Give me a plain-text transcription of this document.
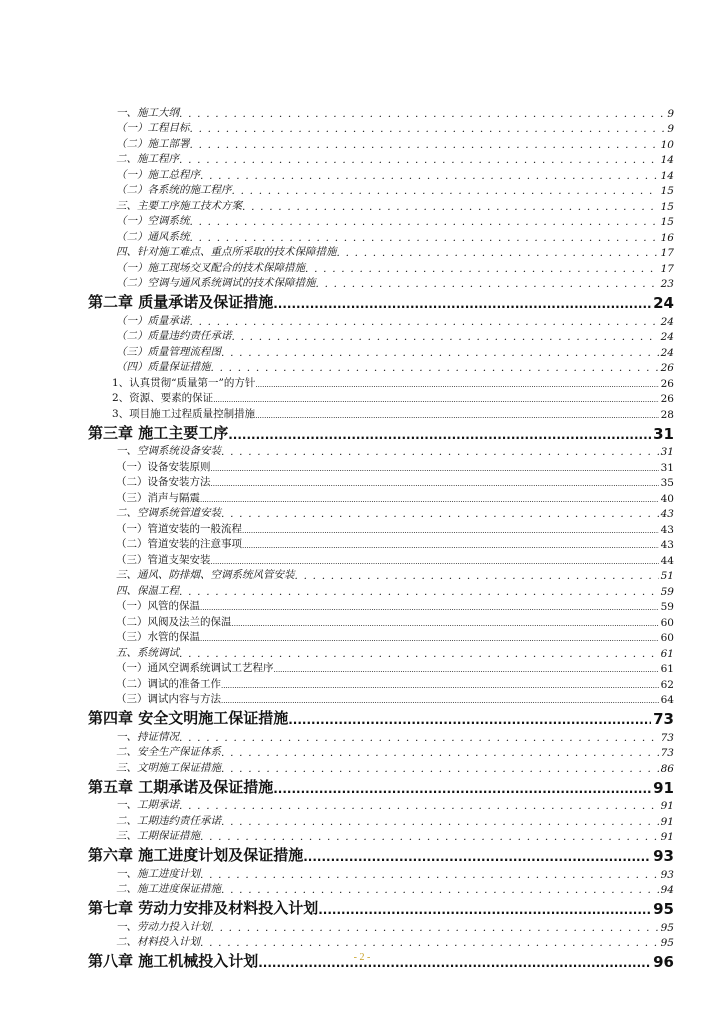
一、施工大纲 . . .	9
（一）工程目标 . . .	9
（二）施工部署 . . .	10
二、施工程序 . . .	14
（一）施工总程序 . . .	14
（二）各系统的施工程序 . . .	15
三、主要工序施工技术方案 . . .	15
（一）空调系统 . . .	15
（二）通风系统 . . .	16
四、针对施工难点、重点所采取的技术保障措施 . . .	17
（一）施工现场交叉配合的技术保障措施 . . .	17
（二）空调与通风系统调试的技术保障措施 . . .	23
第二章 质量承诺及保证措施 .....	24
（一）质量承诺 . . .	24
（二）质量违约责任承诺 . . .	24
（三）质量管理流程图 . . .	24
（四）质量保证措施 . . .	26
1、认真贯彻“质量第一”的方针 .....	26
2、资源、要素的保证 .....	26
3、项目施工过程质量控制措施 .....	28
第三章 施工主要工序 .....	31
一、空调系统设备安装 . . .	31
（一）设备安装原则 .....	31
（二）设备安装方法 .....	35
（三）消声与隔震 .....	40
二、空调系统管道安装 . . .	43
（一）管道安装的一般流程 .....	43
（二）管道安装的注意事项 .....	43
（三）管道支架安装 .....	44
三、通风、防排烟、空调系统风管安装 . . .	51
四、保温工程 . . .	59
（一）风管的保温 .....	59
（二）风阀及法兰的保温 .....	60
（三）水管的保温 .....	60
五、系统调试 . . .	61
（一）通风空调系统调试工艺程序 .....	61
（二）调试的准备工作 .....	62
（三）调试内容与方法 .....	64
第四章 安全文明施工保证措施 .....	73
一、持证情况 . . .	73
二、安全生产保证体系 . . .	73
三、文明施工保证措施 . . .	86
第五章 工期承诺及保证措施 .....	91
一、工期承诺 . . .	91
二、工期违约责任承诺 . . .	91
三、工期保证措施 . . .	91
第六章 施工进度计划及保证措施 .....	93
一、施工进度计划 . . .	93
二、施工进度保证措施 . . .	94
第七章 劳动力安排及材料投入计划 .....	95
一、劳动力投入计划 . . .	95
二、材料投入计划 . . .	95
第八章 施工机械投入计划 .....	96
- 2 -
